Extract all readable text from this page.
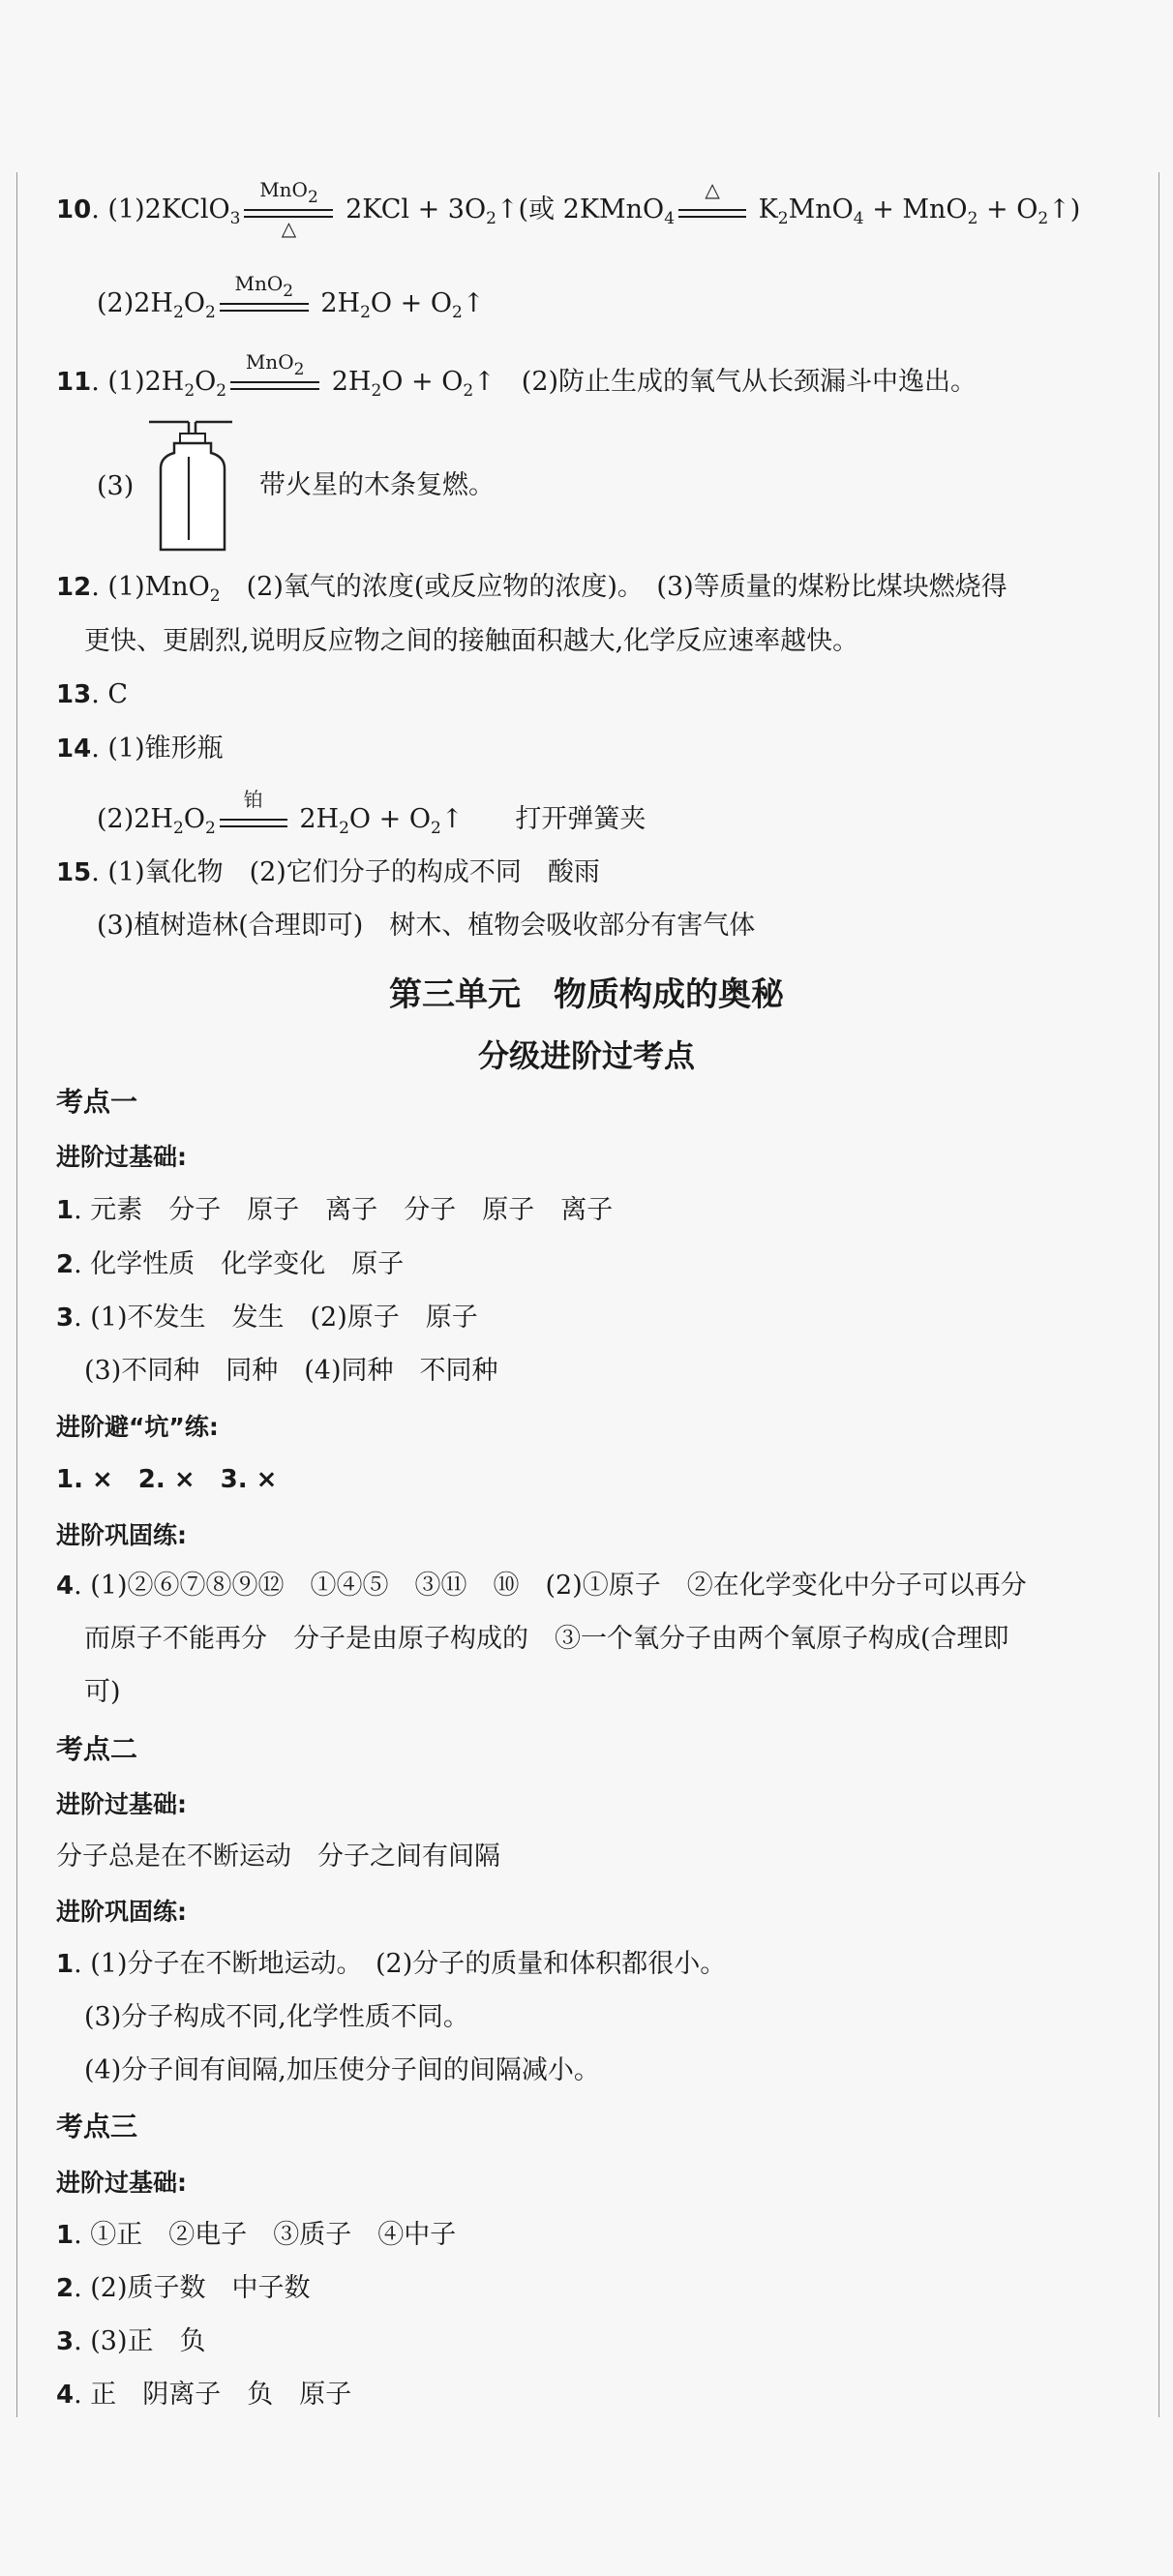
10. (1)2KClO$_3$
MnO$_2$
△
$2KCl + 3O_2↑$(或 2KMnO$_4$
△
$K_2MnO_4 + MnO_2$ + $O_2↑$)
$(2)2H_2O_2$
MnO$_2$ $2H_2O$ + $O_2↑$
11. $(1)2H_2O_2$
MnO$_2$ $2H_2O$ + $O_2↑$　(2)防止生成的氧气从长颈漏斗中逸出。
(3)	带火星的木条复燃。
12. (1)MnO$_2$　(2)氧气的浓度(或反应物的浓度)。　(3)等质量的煤粉比煤块燃烧得
更快、更剧烈,说明反应物之间的接触面积越大,化学反应速率越快。
13. C
14. (1)锥形瓶
$(2)2H_2O_2$
铂
$2H_2O$ + $O_2↑$　　打开弹簧夹
15. (1)氧化物　(2)它们分子的构成不同　酸雨
(3)植树造林(合理即可)　树木、植物会吸收部分有害气体
第三单元　物质构成的奥秘
分级进阶过考点
考点一
进阶过基础:
1. 元素　分子　原子　离子　分子　原子　离子
2. 化学性质　化学变化　原子
3. (1)不发生　发生　(2)原子　原子
(3)不同种　同种　(4)同种　不同种
进阶避“坑”练:
1. ×　2. ×　3. ×
进阶巩固练:
4. (1)②⑥⑦⑧⑨⑫　①④⑤　③⑪　⑩　(2)①原子　②在化学变化中分子可以再分
而原子不能再分　分子是由原子构成的　③一个氧分子由两个氧原子构成(合理即
可)
考点二
进阶过基础:
分子总是在不断运动　分子之间有间隔
进阶巩固练:
1. (1)分子在不断地运动。　(2)分子的质量和体积都很小。
(3)分子构成不同,化学性质不同。
(4)分子间有间隔,加压使分子间的间隔减小。
考点三
进阶过基础:
1. ①正　②电子　③质子　④中子
2. (2)质子数　中子数
3. (3)正　负
4. 正　阴离子　负　原子
